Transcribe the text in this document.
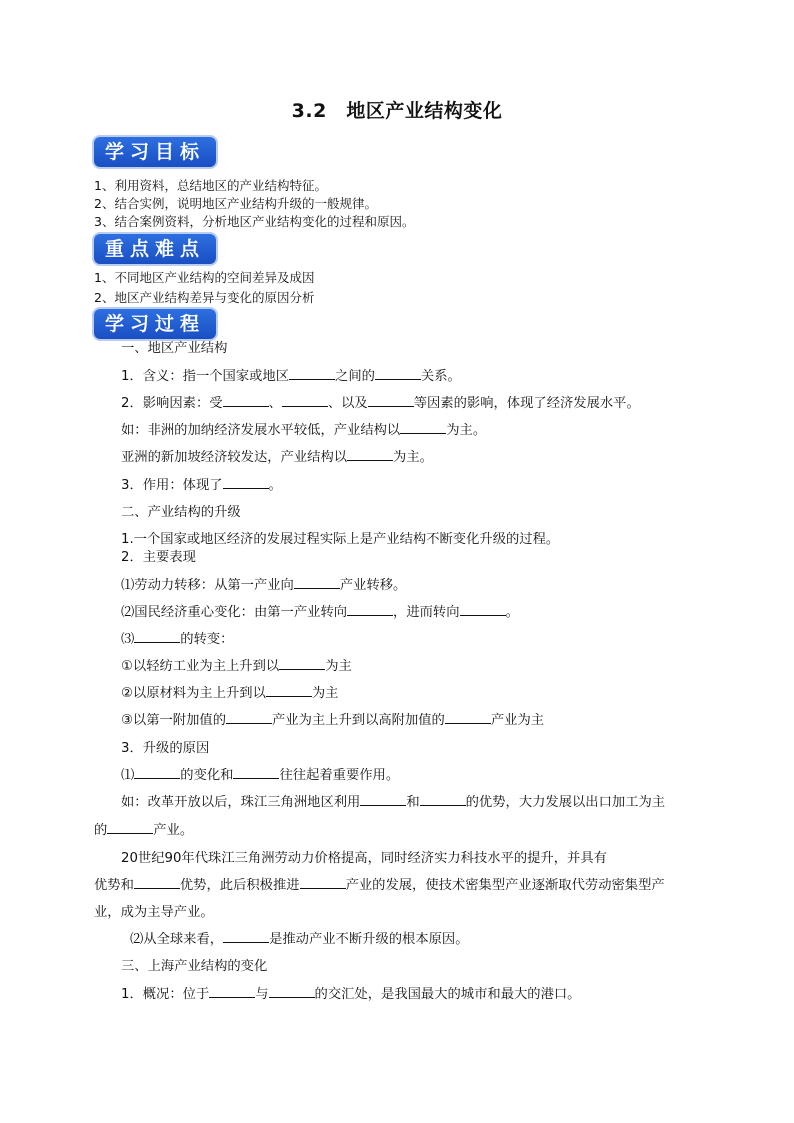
3.2　地区产业结构变化
学习目标
1、利用资料，总结地区的产业结构特征。
2、结合实例，说明地区产业结构升级的一般规律。
3、结合案例资料，分析地区产业结构变化的过程和原因。
重点难点
1、不同地区产业结构的空间差异及成因
2、地区产业结构差异与变化的原因分析
学习过程
一、地区产业结构
1．含义：指一个国家或地区	之间的	关系。
2．影响因素：受	、	、以及	等因素的影响，体现了经济发展水平。
如：非洲的加纳经济发展水平较低，产业结构以	为主。
亚洲的新加坡经济较发达，产业结构以	为主。
3．作用：体现了	。
二、产业结构的升级
1.一个国家或地区经济的发展过程实际上是产业结构不断变化升级的过程。
2．主要表现
⑴劳动力转移：从第一产业向	产业转移。
⑵国民经济重心变化：由第一产业转向	，进而转向	。
⑶	的转变：
①以轻纺工业为主上升到以	为主
②以原材料为主上升到以	为主
③以第一附加值的	产业为主上升到以高附加值的	产业为主
3．升级的原因
⑴	的变化和	往往起着重要作用。
如：改革开放以后，珠江三角洲地区利用	和	的优势，大力发展以出口加工为主
的	产业。
20世纪90年代珠江三角洲劳动力价格提高，同时经济实力科技水平的提升，并具有
优势和	优势，此后积极推进	产业的发展，使技术密集型产业逐渐取代劳动密集型产
业，成为主导产业。
⑵从全球来看，	是推动产业不断升级的根本原因。
三、上海产业结构的变化
1．概况：位于	与	的交汇处，是我国最大的城市和最大的港口。
